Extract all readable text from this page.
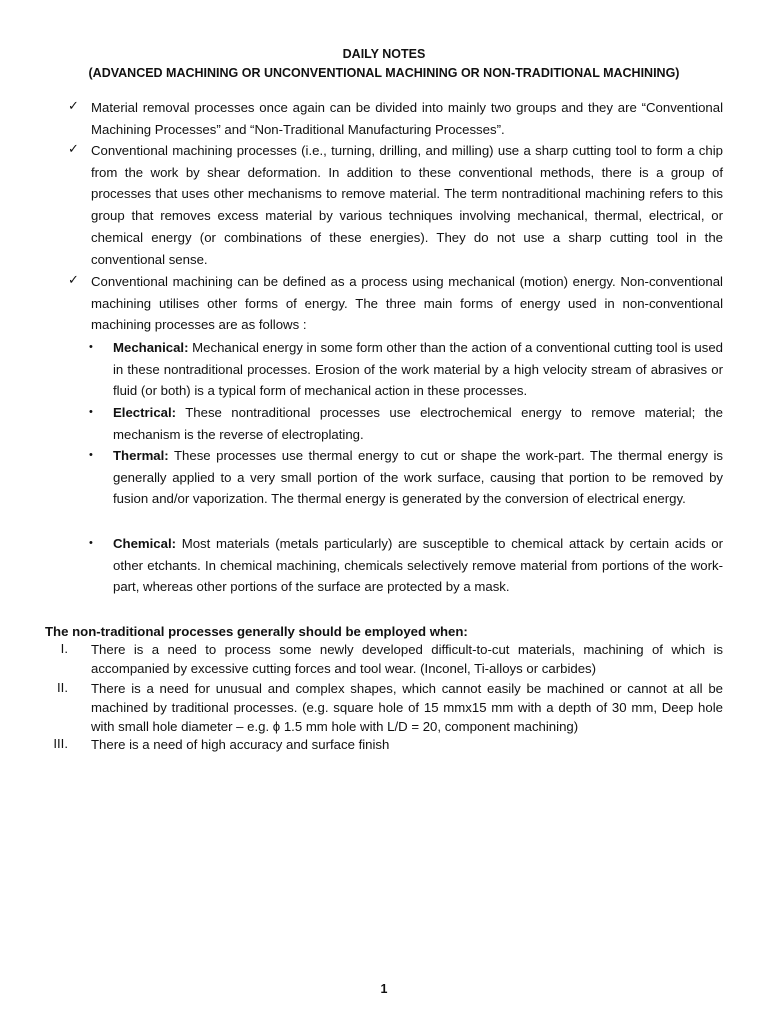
DAILY NOTES
(ADVANCED MACHINING OR UNCONVENTIONAL MACHINING OR NON-TRADITIONAL MACHINING)
✓ Material removal processes once again can be divided into mainly two groups and they are “Conventional Machining Processes” and “Non-Traditional Manufacturing Processes”.
✓ Conventional machining processes (i.e., turning, drilling, and milling) use a sharp cutting tool to form a chip from the work by shear deformation. In addition to these conventional methods, there is a group of processes that uses other mechanisms to remove material. The term nontraditional machining refers to this group that removes excess material by various techniques involving mechanical, thermal, electrical, or chemical energy (or combinations of these energies). They do not use a sharp cutting tool in the conventional sense.
✓ Conventional machining can be defined as a process using mechanical (motion) energy. Non-conventional machining utilises other forms of energy. The three main forms of energy used in non-conventional machining processes are as follows :
• Mechanical: Mechanical energy in some form other than the action of a conventional cutting tool is used in these nontraditional processes. Erosion of the work material by a high velocity stream of abrasives or fluid (or both) is a typical form of mechanical action in these processes.
• Electrical: These nontraditional processes use electrochemical energy to remove material; the mechanism is the reverse of electroplating.
• Thermal: These processes use thermal energy to cut or shape the work-part. The thermal energy is generally applied to a very small portion of the work surface, causing that portion to be removed by fusion and/or vaporization. The thermal energy is generated by the conversion of electrical energy.
• Chemical: Most materials (metals particularly) are susceptible to chemical attack by certain acids or other etchants. In chemical machining, chemicals selectively remove material from portions of the work-part, whereas other portions of the surface are protected by a mask.
The non-traditional processes generally should be employed when:
I. There is a need to process some newly developed difficult-to-cut materials, machining of which is accompanied by excessive cutting forces and tool wear. (Inconel, Ti-alloys or carbides)
II. There is a need for unusual and complex shapes, which cannot easily be machined or cannot at all be machined by traditional processes. (e.g. square hole of 15 mmx15 mm with a depth of 30 mm, Deep hole with small hole diameter – e.g. ϕ 1.5 mm hole with L/D = 20, component machining)
III. There is a need of high accuracy and surface finish
1
